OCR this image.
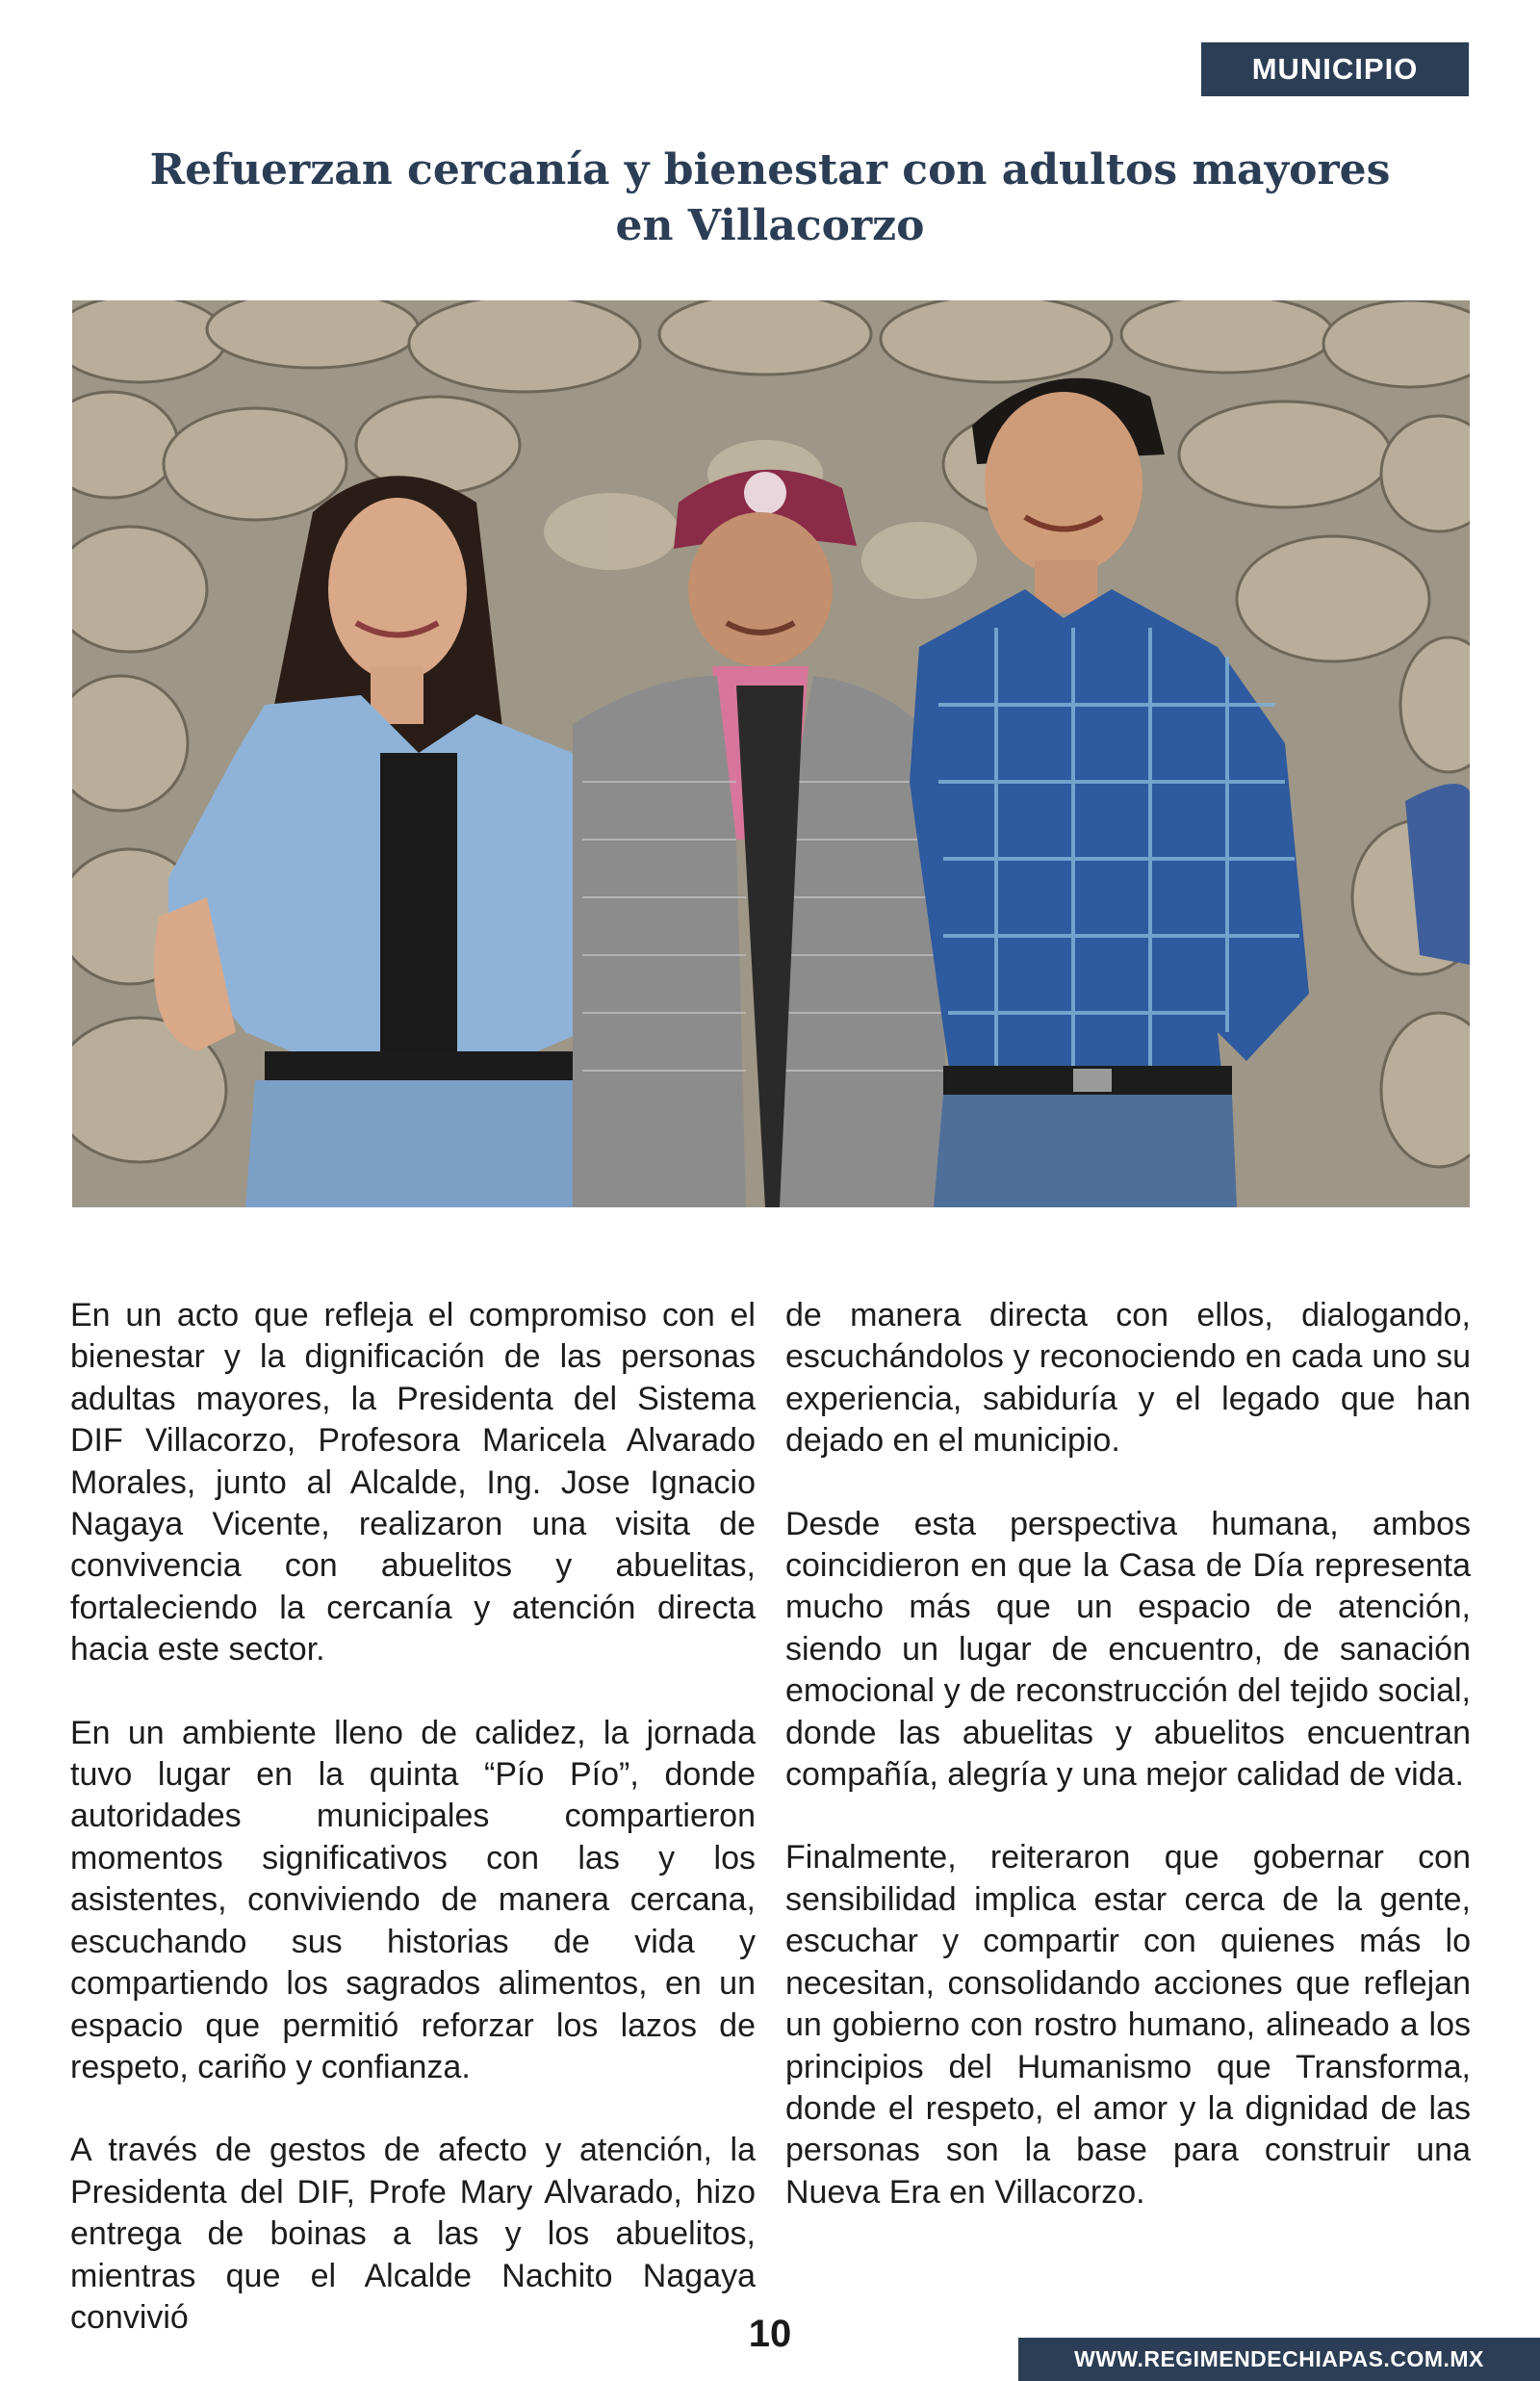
MUNICIPIO
Refuerzan cercanía y bienestar con adultos mayores en Villacorzo

En un acto que refleja el compromiso con el bienestar y la dignificación de las personas adultas mayores, la Presidenta del Sistema DIF Villacorzo, Profesora Maricela Alvarado Morales, junto al Alcalde, Ing. Jose Ignacio Nagaya Vicente, realizaron una visita de convivencia con abuelitos y abuelitas, fortaleciendo la cercanía y atención directa hacia este sector.

En un ambiente lleno de calidez, la jornada tuvo lugar en la quinta “Pío Pío”, donde autoridades municipales compartieron momentos significativos con las y los asistentes, conviviendo de manera cercana, escuchando sus historias de vida y compartiendo los sagrados alimentos, en un espacio que permitió reforzar los lazos de respeto, cariño y confianza.

A través de gestos de afecto y atención, la Presidenta del DIF, Profe Mary Alvarado, hizo entrega de boinas a las y los abuelitos, mientras que el Alcalde Nachito Nagaya convivió

de manera directa con ellos, dialogando, escuchándolos y reconociendo en cada uno su experiencia, sabiduría y el legado que han dejado en el municipio.

Desde esta perspectiva humana, ambos coincidieron en que la Casa de Día representa mucho más que un espacio de atención, siendo un lugar de encuentro, de sanación emocional y de reconstrucción del tejido social, donde las abuelitas y abuelitos encuentran compañía, alegría y una mejor calidad de vida.

Finalmente, reiteraron que gobernar con sensibilidad implica estar cerca de la gente, escuchar y compartir con quienes más lo necesitan, consolidando acciones que reflejan un gobierno con rostro humano, alineado a los principios del Humanismo que Transforma, donde el respeto, el amor y la dignidad de las personas son la base para construir una Nueva Era en Villacorzo.

10
WWW.REGIMENDECHIAPAS.COM.MX
